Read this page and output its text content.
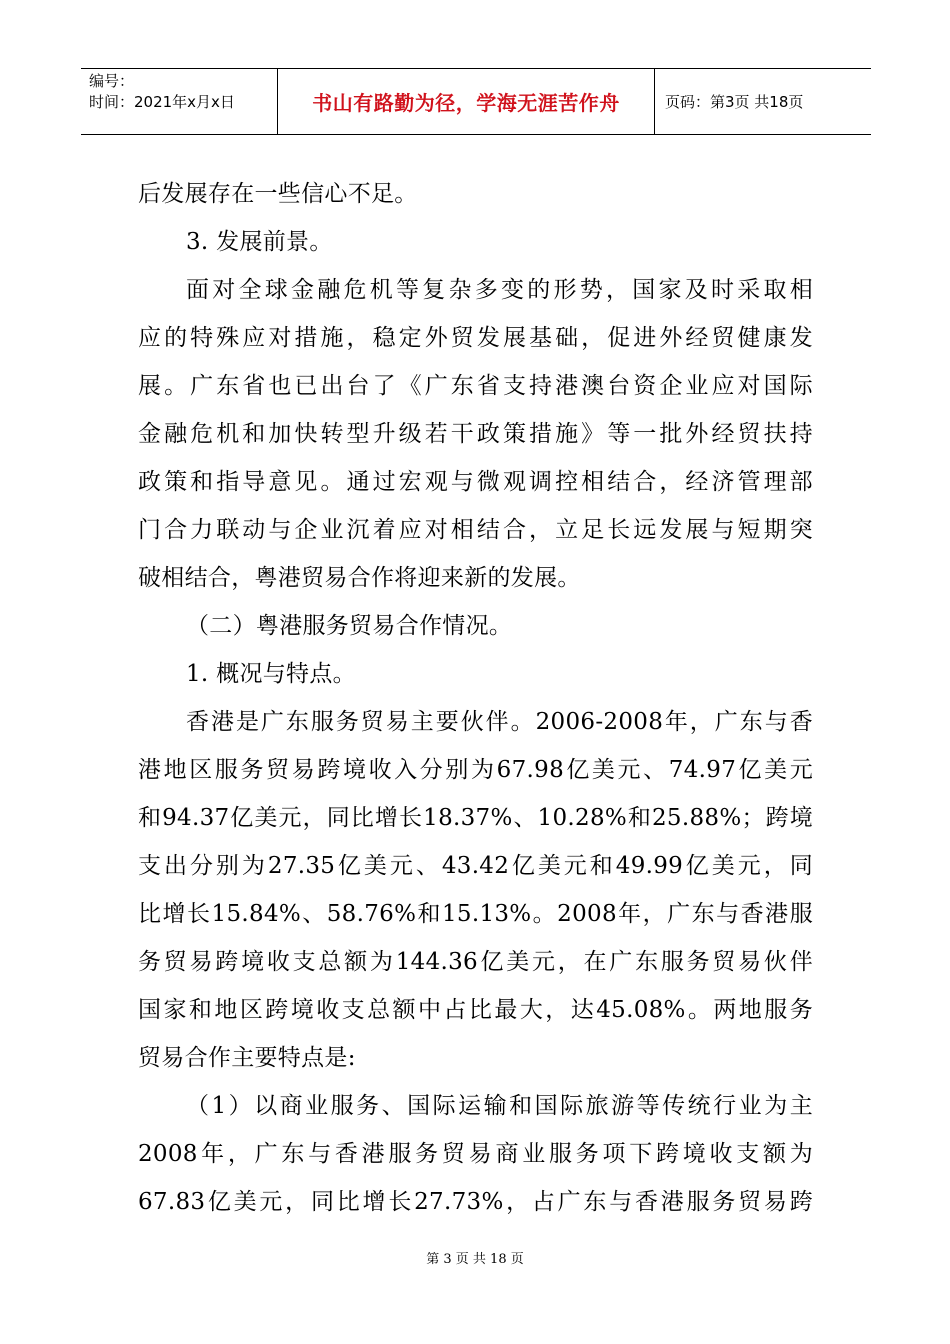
编号：
时间：2021年x月x日	书山有路勤为径，学海无涯苦作舟	页码：第3页 共18页

后发展存在一些信心不足。

3. 发展前景。

面对全球金融危机等复杂多变的形势，国家及时采取相

应的特殊应对措施，稳定外贸发展基础，促进外经贸健康发

展。广东省也已出台了《广东省支持港澳台资企业应对国际

金融危机和加快转型升级若干政策措施》等一批外经贸扶持

政策和指导意见。通过宏观与微观调控相结合，经济管理部

门合力联动与企业沉着应对相结合，立足长远发展与短期突

破相结合，粤港贸易合作将迎来新的发展。

（二）粤港服务贸易合作情况。

1. 概况与特点。

香港是广东服务贸易主要伙伴。2006-2008年，广东与香

港地区服务贸易跨境收入分别为67.98亿美元、74.97亿美元

和94.37亿美元，同比增长18.37%、10.28%和25.88%；跨境

支出分别为27.35亿美元、43.42亿美元和49.99亿美元，同

比增长15.84%、58.76%和15.13%。2008年，广东与香港服

务贸易跨境收支总额为144.36亿美元，在广东服务贸易伙伴

国家和地区跨境收支总额中占比最大，达45.08%。两地服务

贸易合作主要特点是:

（1）以商业服务、国际运输和国际旅游等传统行业为主

2008年，广东与香港服务贸易商业服务项下跨境收支额为

67.83亿美元，同比增长27.73%，占广东与香港服务贸易跨

第 3 页 共 18 页
